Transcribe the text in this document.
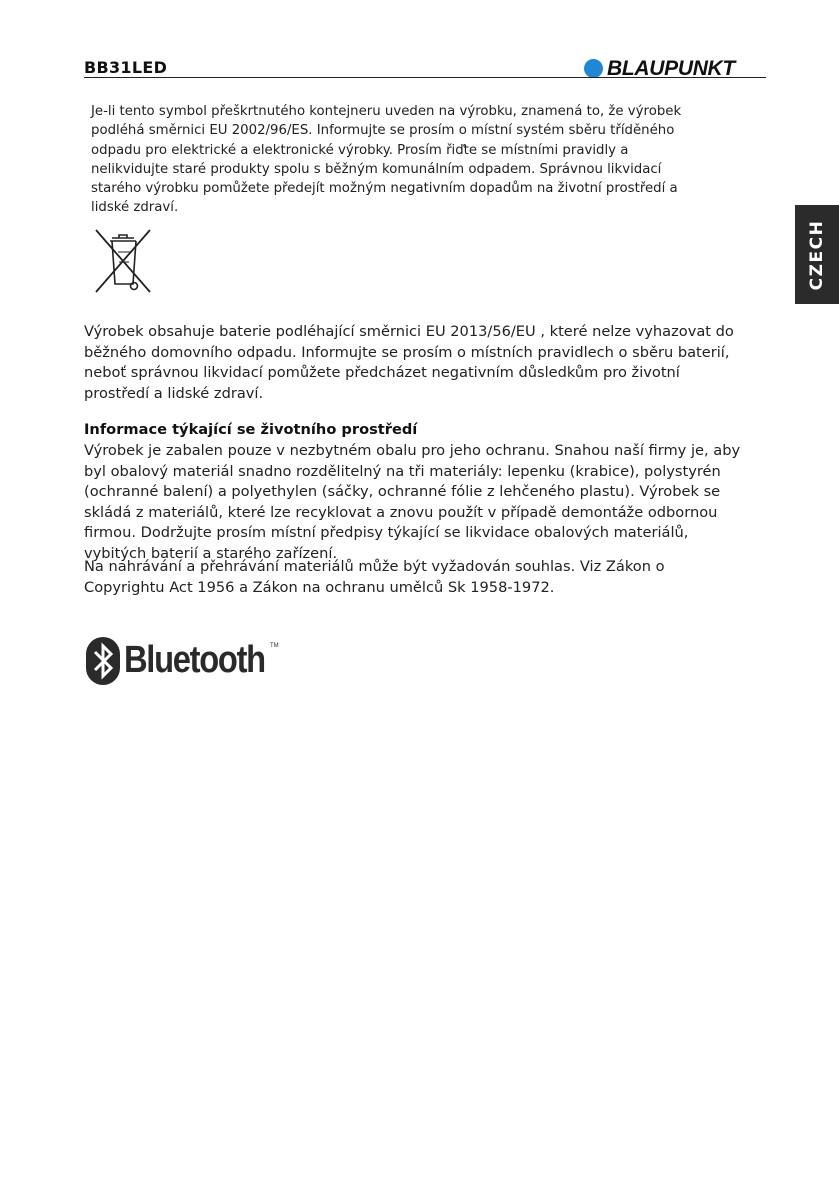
BB31LED	BLAUPUNKT
CZECH

Je-li tento symbol přeškrtnutého kontejneru uveden na výrobku, znamená to, že výrobek
podléhá směrnici EU 2002/96/ES. Informujte se prosím o místní systém sběru tříděného
odpadu pro elektrické a elektronické výrobky. Prosím řiďte se místními pravidly a
nelikvidujte staré produkty spolu s běžným komunálním odpadem. Správnou likvidací
starého výrobku pomůžete předejít možným negativním dopadům na životní prostředí a
lidské zdraví.

Výrobek obsahuje baterie podléhající směrnici EU 2013/56/EU , které nelze vyhazovat do
běžného domovního odpadu. Informujte se prosím o místních pravidlech o sběru baterií,
neboť správnou likvidací pomůžete předcházet negativním důsledkům pro životní
prostředí a lidské zdraví.

Informace týkající se životního prostředí

Výrobek je zabalen pouze v nezbytném obalu pro jeho ochranu. Snahou naší firmy je, aby
byl obalový materiál snadno rozdělitelný na tři materiály: lepenku (krabice), polystyrén
(ochranné balení) a polyethylen (sáčky, ochranné fólie z lehčeného plastu). Výrobek se
skládá z materiálů, které lze recyklovat a znovu použít v případě demontáže odbornou
firmou. Dodržujte prosím místní předpisy týkající se likvidace obalových materiálů,
vybitých baterií a starého zařízení.

Na nahrávání a přehrávání materiálů může být vyžadován souhlas. Viz Zákon o
Copyrightu Act 1956 a Zákon na ochranu umělců Sk 1958-1972.

Bluetooth TM
